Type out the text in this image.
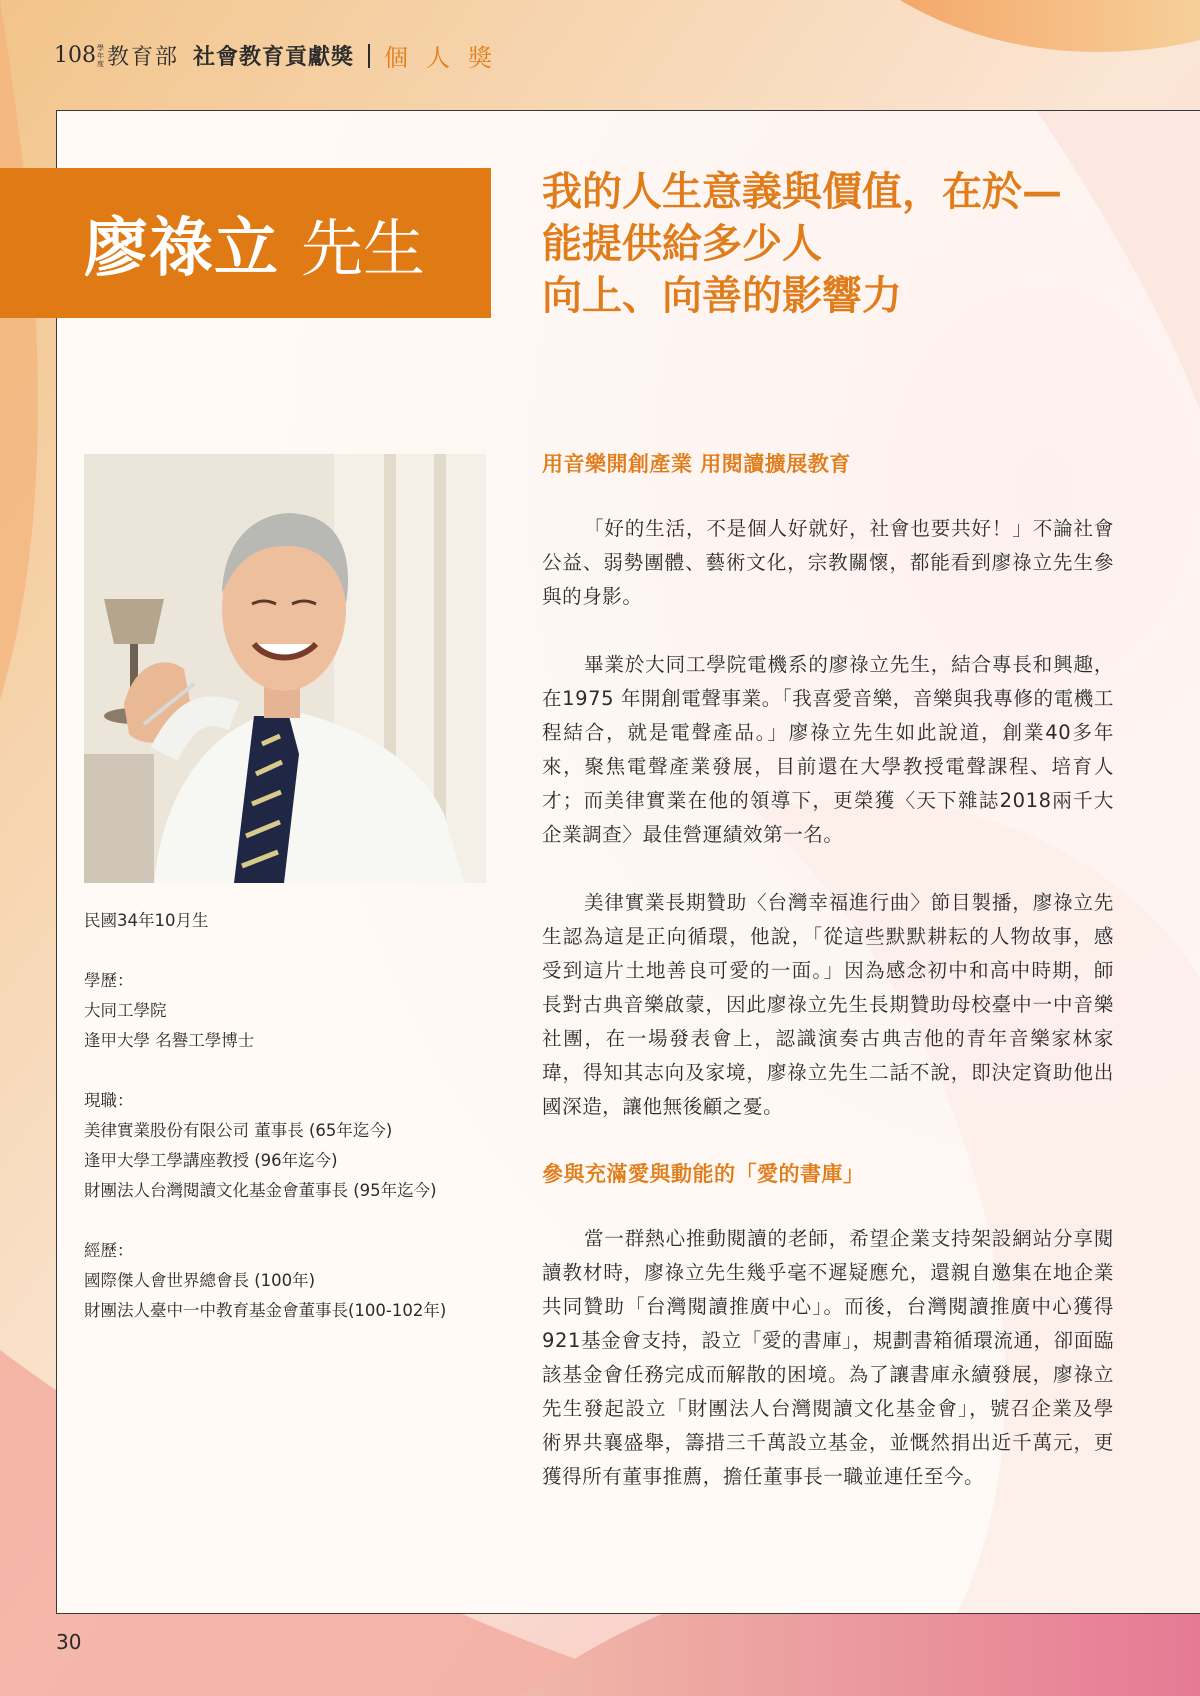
108 學年度 教育部 社會教育貢獻獎 個人獎
廖祿立 先生
我的人生意義與價值，在於—
能提供給多少人
向上、向善的影響力
民國34年10月生
學歷：
大同工學院
逢甲大學 名譽工學博士
現職：
美律實業股份有限公司 董事長 (65年迄今)
逢甲大學工學講座教授 (96年迄今)
財團法人台灣閱讀文化基金會董事長 (95年迄今)
經歷：
國際傑人會世界總會長 (100年)
財團法人臺中一中教育基金會董事長(100-102年)
用音樂開創產業 用閱讀擴展教育

「好的生活，不是個人好就好，社會也要共好！」不論社會公益、弱勢團體、藝術文化，宗教關懷，都能看到廖祿立先生參與的身影。

畢業於大同工學院電機系的廖祿立先生，結合專長和興趣，在1975 年開創電聲事業。「我喜愛音樂，音樂與我專修的電機工程結合，就是電聲產品。」廖祿立先生如此說道，創業40多年來，聚焦電聲產業發展，目前還在大學教授電聲課程、培育人才；而美律實業在他的領導下，更榮獲〈天下雜誌2018兩千大企業調查〉最佳營運績效第一名。

美律實業長期贊助〈台灣幸福進行曲〉節目製播，廖祿立先生認為這是正向循環，他說，「從這些默默耕耘的人物故事，感受到這片土地善良可愛的一面。」因為感念初中和高中時期，師長對古典音樂啟蒙，因此廖祿立先生長期贊助母校臺中一中音樂社團，在一場發表會上，認識演奏古典吉他的青年音樂家林家瑋，得知其志向及家境，廖祿立先生二話不說，即決定資助他出國深造，讓他無後顧之憂。

參與充滿愛與動能的「愛的書庫」

當一群熱心推動閱讀的老師，希望企業支持架設網站分享閱讀教材時，廖祿立先生幾乎毫不遲疑應允，還親自邀集在地企業共同贊助「台灣閱讀推廣中心」。而後，台灣閱讀推廣中心獲得921基金會支持，設立「愛的書庫」，規劃書箱循環流通，卻面臨該基金會任務完成而解散的困境。為了讓書庫永續發展，廖祿立先生發起設立「財團法人台灣閱讀文化基金會」，號召企業及學術界共襄盛舉，籌措三千萬設立基金，並慨然捐出近千萬元，更獲得所有董事推薦，擔任董事長一職並連任至今。

30
